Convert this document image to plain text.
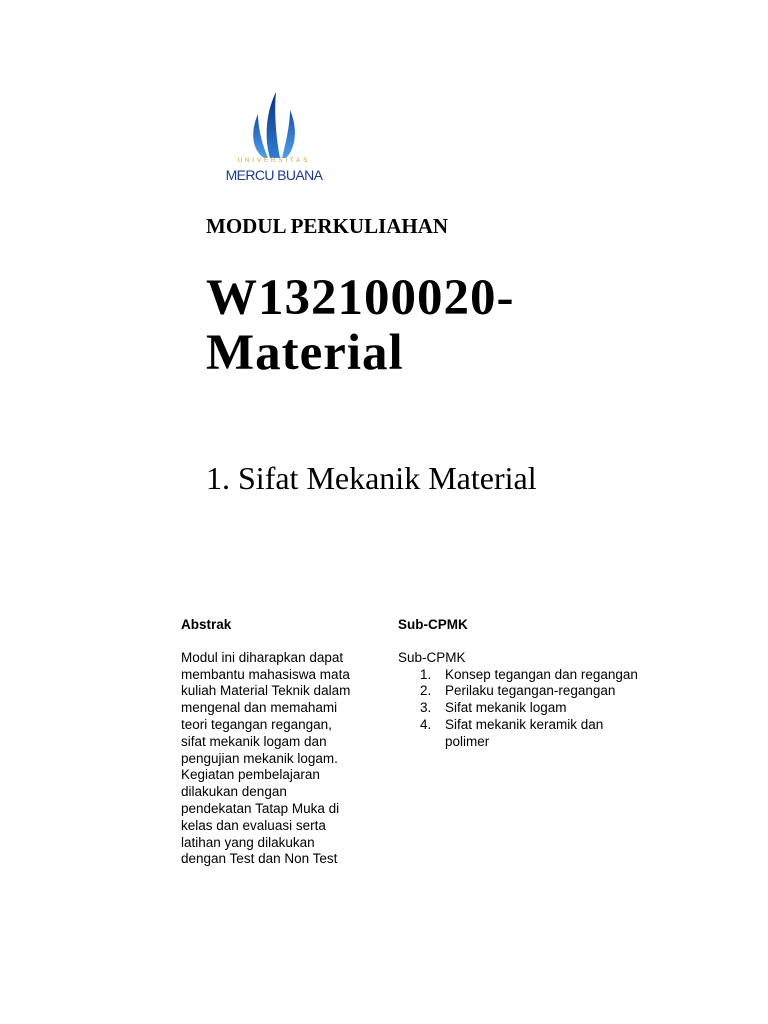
UNIVERSITAS
MERCU BUANA
MODUL PERKULIAHAN
W132100020-Material
1. Sifat Mekanik Material
Abstrak
Modul ini diharapkan dapat
membantu mahasiswa mata
kuliah Material Teknik dalam
mengenal dan memahami
teori tegangan regangan,
sifat mekanik logam dan
pengujian mekanik logam.
Kegiatan pembelajaran
dilakukan dengan
pendekatan Tatap Muka di
kelas dan evaluasi serta
latihan yang dilakukan
dengan Test dan Non Test
Sub-CPMK

Sub-CPMK

1. Konsep tegangan dan regangan
2. Perilaku tegangan-regangan
3. Sifat mekanik logam
4. Sifat mekanik keramik dan polimer
